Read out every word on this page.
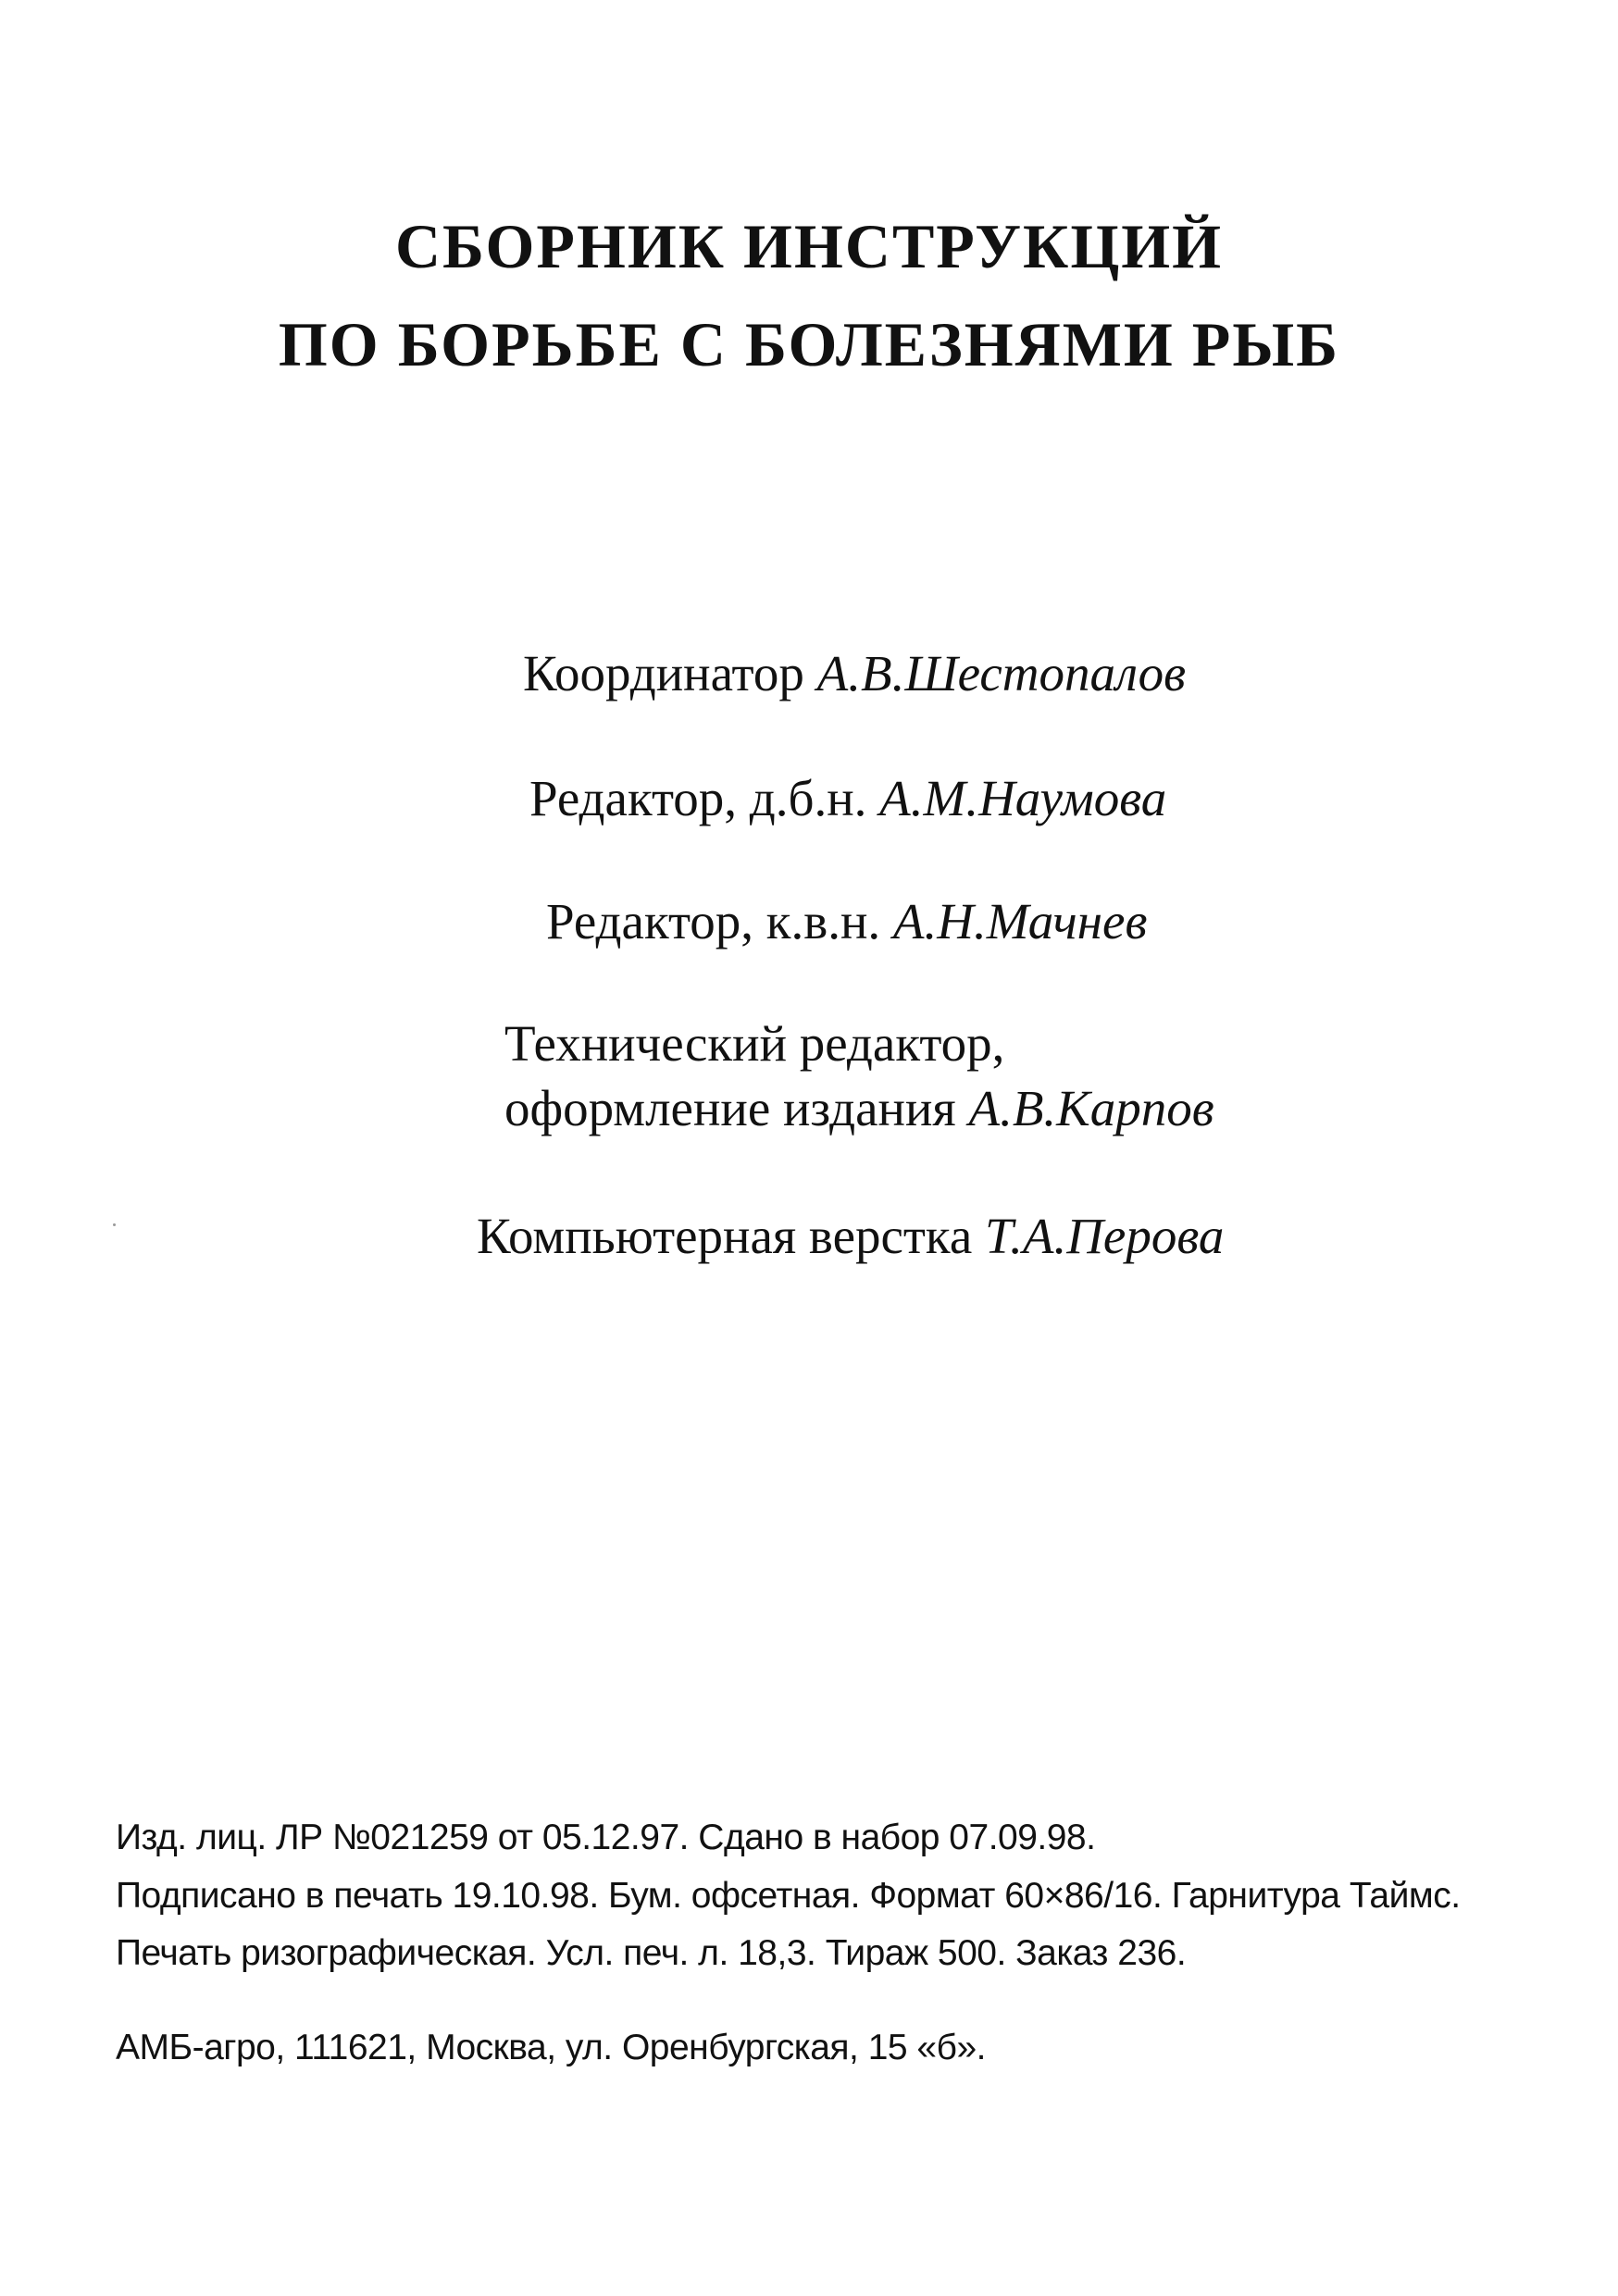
СБОРНИК ИНСТРУКЦИЙ
ПО БОРЬБЕ С БОЛЕЗНЯМИ РЫБ
Координатор А.В.Шестопалов
Редактор, д.б.н. А.М.Наумова
Редактор, к.в.н. А.Н.Мачнев
Технический редактор,
оформление издания А.В.Карпов
Компьютерная верстка Т.А.Перова
Изд. лиц. ЛР №021259 от 05.12.97. Сдано в набор 07.09.98.
Подписано в печать 19.10.98. Бум. офсетная. Формат 60×86/16. Гарнитура Таймс.
Печать ризографическая. Усл. печ. л. 18,3. Тираж 500. Заказ 236.
АМБ-агро, 111621, Москва, ул. Оренбургская, 15 «б».
